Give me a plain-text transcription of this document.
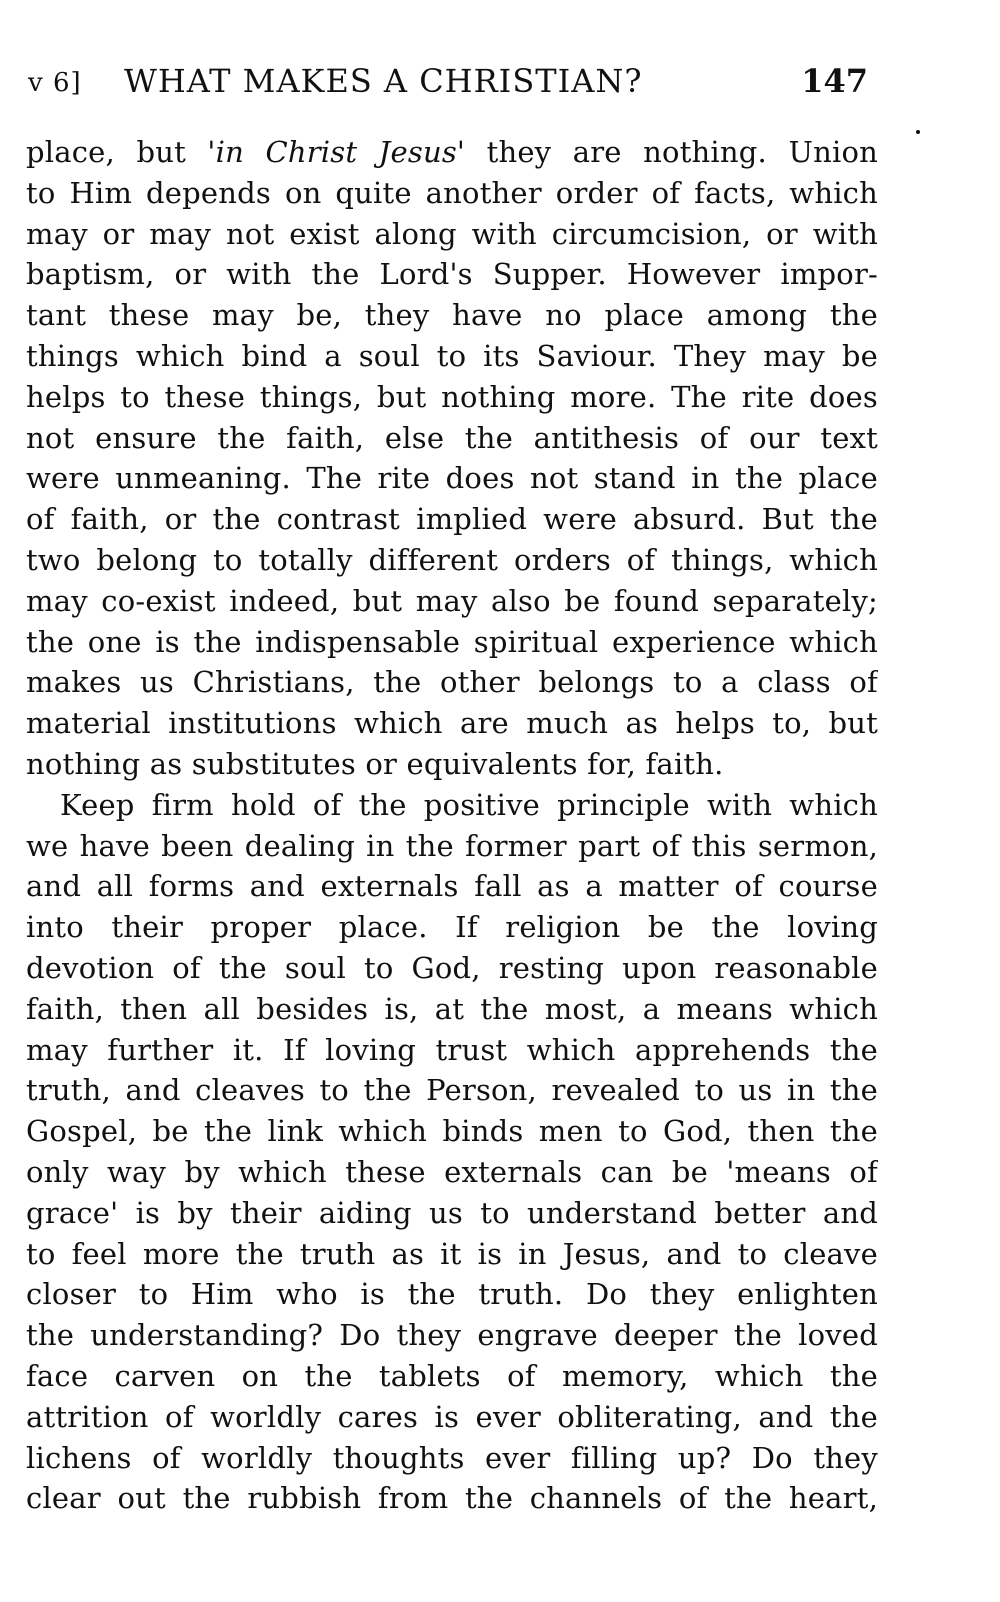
v 6] WHAT MAKES A CHRISTIAN?	147
place, but 'in Christ Jesus' they are nothing. Union
to Him depends on quite another order of facts, which
may or may not exist along with circumcision, or with
baptism, or with the Lord's Supper. However impor-
tant these may be, they have no place among the
things which bind a soul to its Saviour. They may be
helps to these things, but nothing more. The rite does
not ensure the faith, else the antithesis of our text
were unmeaning. The rite does not stand in the place
of faith, or the contrast implied were absurd. But the
two belong to totally different orders of things, which
may co-exist indeed, but may also be found separately;
the one is the indispensable spiritual experience which
makes us Christians, the other belongs to a class of
material institutions which are much as helps to, but
nothing as substitutes or equivalents for, faith.
Keep firm hold of the positive principle with which
we have been dealing in the former part of this sermon,
and all forms and externals fall as a matter of course
into their proper place. If religion be the loving
devotion of the soul to God, resting upon reasonable
faith, then all besides is, at the most, a means which
may further it. If loving trust which apprehends the
truth, and cleaves to the Person, revealed to us in the
Gospel, be the link which binds men to God, then the
only way by which these externals can be 'means of
grace' is by their aiding us to understand better and
to feel more the truth as it is in Jesus, and to cleave
closer to Him who is the truth. Do they enlighten
the understanding? Do they engrave deeper the loved
face carven on the tablets of memory, which the
attrition of worldly cares is ever obliterating, and the
lichens of worldly thoughts ever filling up? Do they
clear out the rubbish from the channels of the heart,
